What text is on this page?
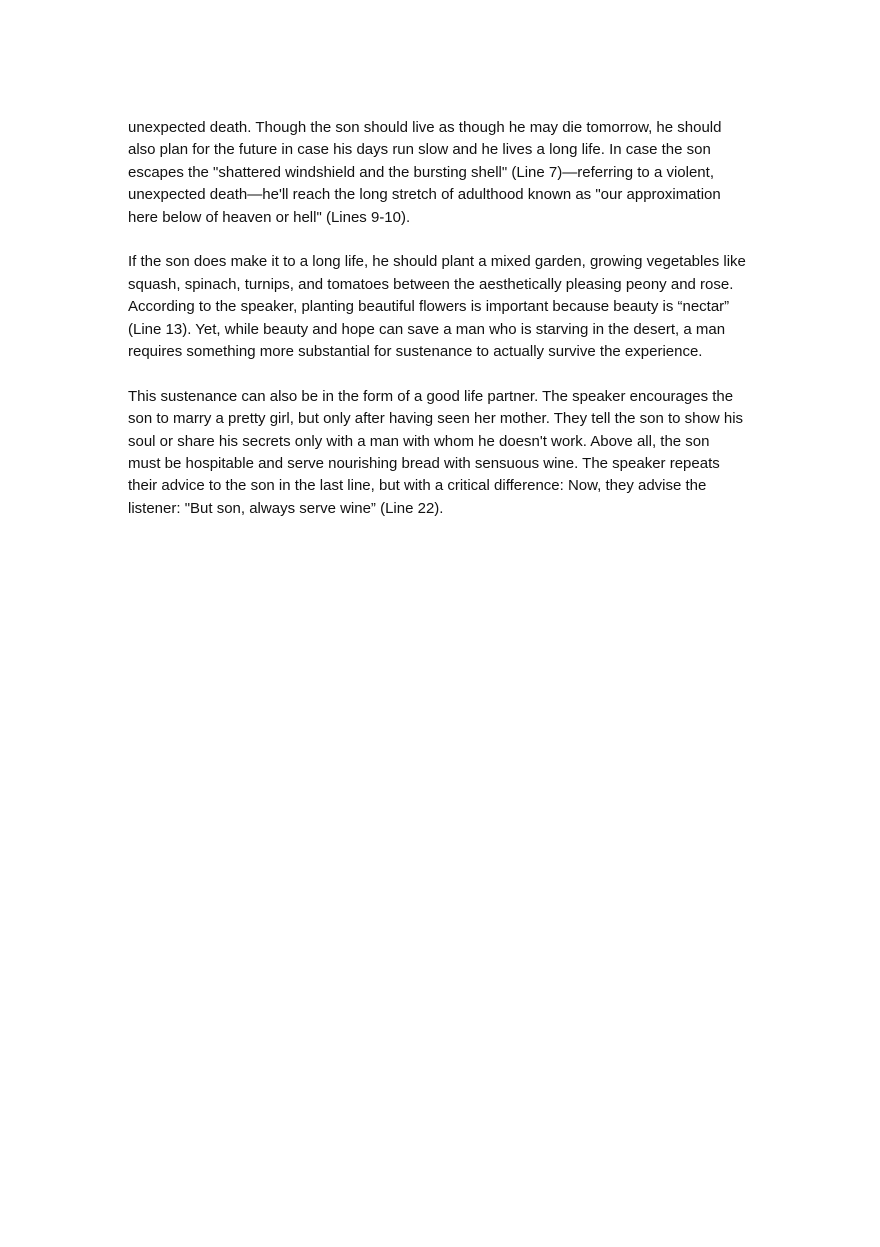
unexpected death. Though the son should live as though he may die tomorrow, he should also plan for the future in case his days run slow and he lives a long life. In case the son escapes the "shattered windshield and the bursting shell" (Line 7)—referring to a violent, unexpected death—he'll reach the long stretch of adulthood known as "our approximation here below of heaven or hell" (Lines 9-10).

If the son does make it to a long life, he should plant a mixed garden, growing vegetables like squash, spinach, turnips, and tomatoes between the aesthetically pleasing peony and rose. According to the speaker, planting beautiful flowers is important because beauty is “nectar” (Line 13). Yet, while beauty and hope can save a man who is starving in the desert, a man requires something more substantial for sustenance to actually survive the experience.

This sustenance can also be in the form of a good life partner. The speaker encourages the son to marry a pretty girl, but only after having seen her mother. They tell the son to show his soul or share his secrets only with a man with whom he doesn't work. Above all, the son must be hospitable and serve nourishing bread with sensuous wine. The speaker repeats their advice to the son in the last line, but with a critical difference: Now, they advise the listener: "But son, always serve wine” (Line 22).
